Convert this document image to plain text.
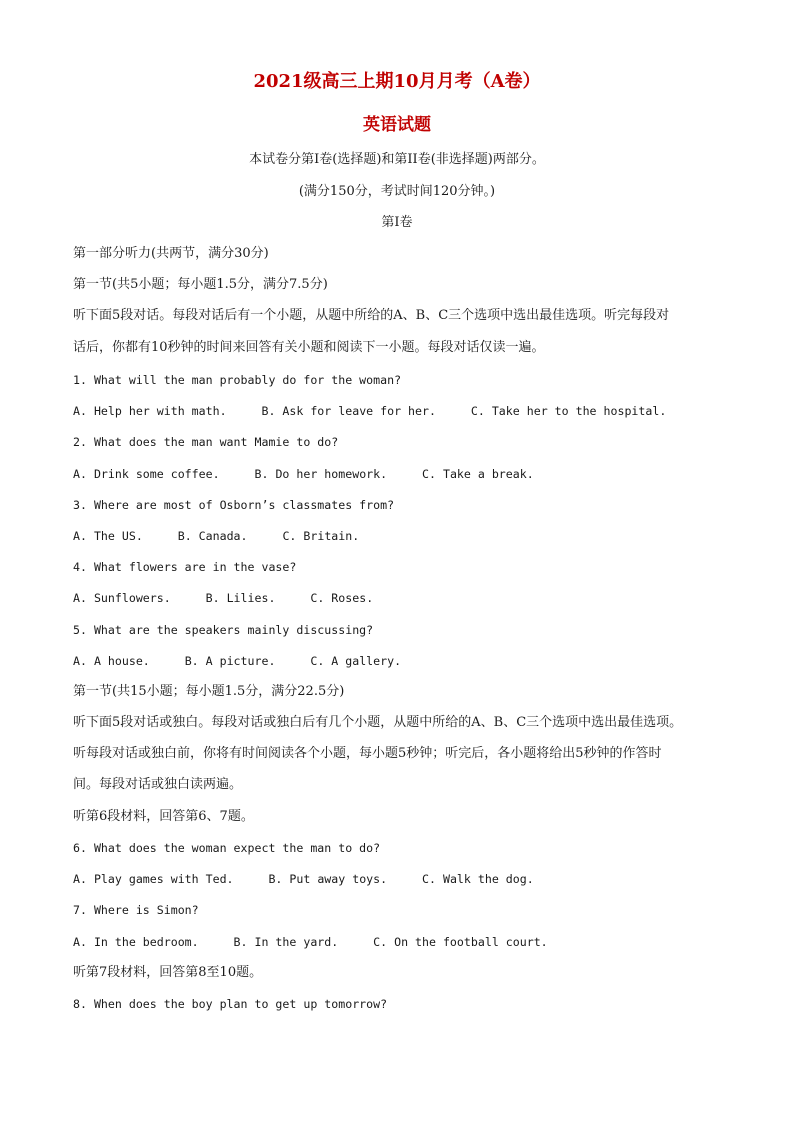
2021级高三上期10月月考（A卷）
英语试题
本试卷分第I卷(选择题)和第II卷(非选择题)两部分。
(满分150分，考试时间120分钟。)
第I卷
第一部分听力(共两节，满分30分)
第一节(共5小题；每小题1.5分，满分7.5分)
听下面5段对话。每段对话后有一个小题，从题中所给的A、B、C三个选项中选出最佳选项。听完每段对
话后，你都有10秒钟的时间来回答有关小题和阅读下一小题。每段对话仅读一遍。
1. What will the man probably do for the woman?
A. Help her with math.	B. Ask for leave for her.	C. Take her to the hospital.
2. What does the man want Mamie to do?
A. Drink some coffee.	B. Do her homework.	C. Take a break.
3. Where are most of Osborn’s classmates from?
A. The US.	B. Canada.	C. Britain.
4. What flowers are in the vase?
A. Sunflowers.	B. Lilies.	C. Roses.
5. What are the speakers mainly discussing?
A. A house.	B. A picture.	C. A gallery.
第一节(共15小题；每小题1.5分，满分22.5分)
听下面5段对话或独白。每段对话或独白后有几个小题，从题中所给的A、B、C三个选项中选出最佳选项。
听每段对话或独白前，你将有时间阅读各个小题，每小题5秒钟；听完后，各小题将给出5秒钟的作答时
间。每段对话或独白读两遍。
听第6段材料，回答第6、7题。
6. What does the woman expect the man to do?
A. Play games with Ted.	B. Put away toys.	C. Walk the dog.
7. Where is Simon?
A. In the bedroom.	B. In the yard.	C. On the football court.
听第7段材料，回答第8至10题。
8. When does the boy plan to get up tomorrow?
